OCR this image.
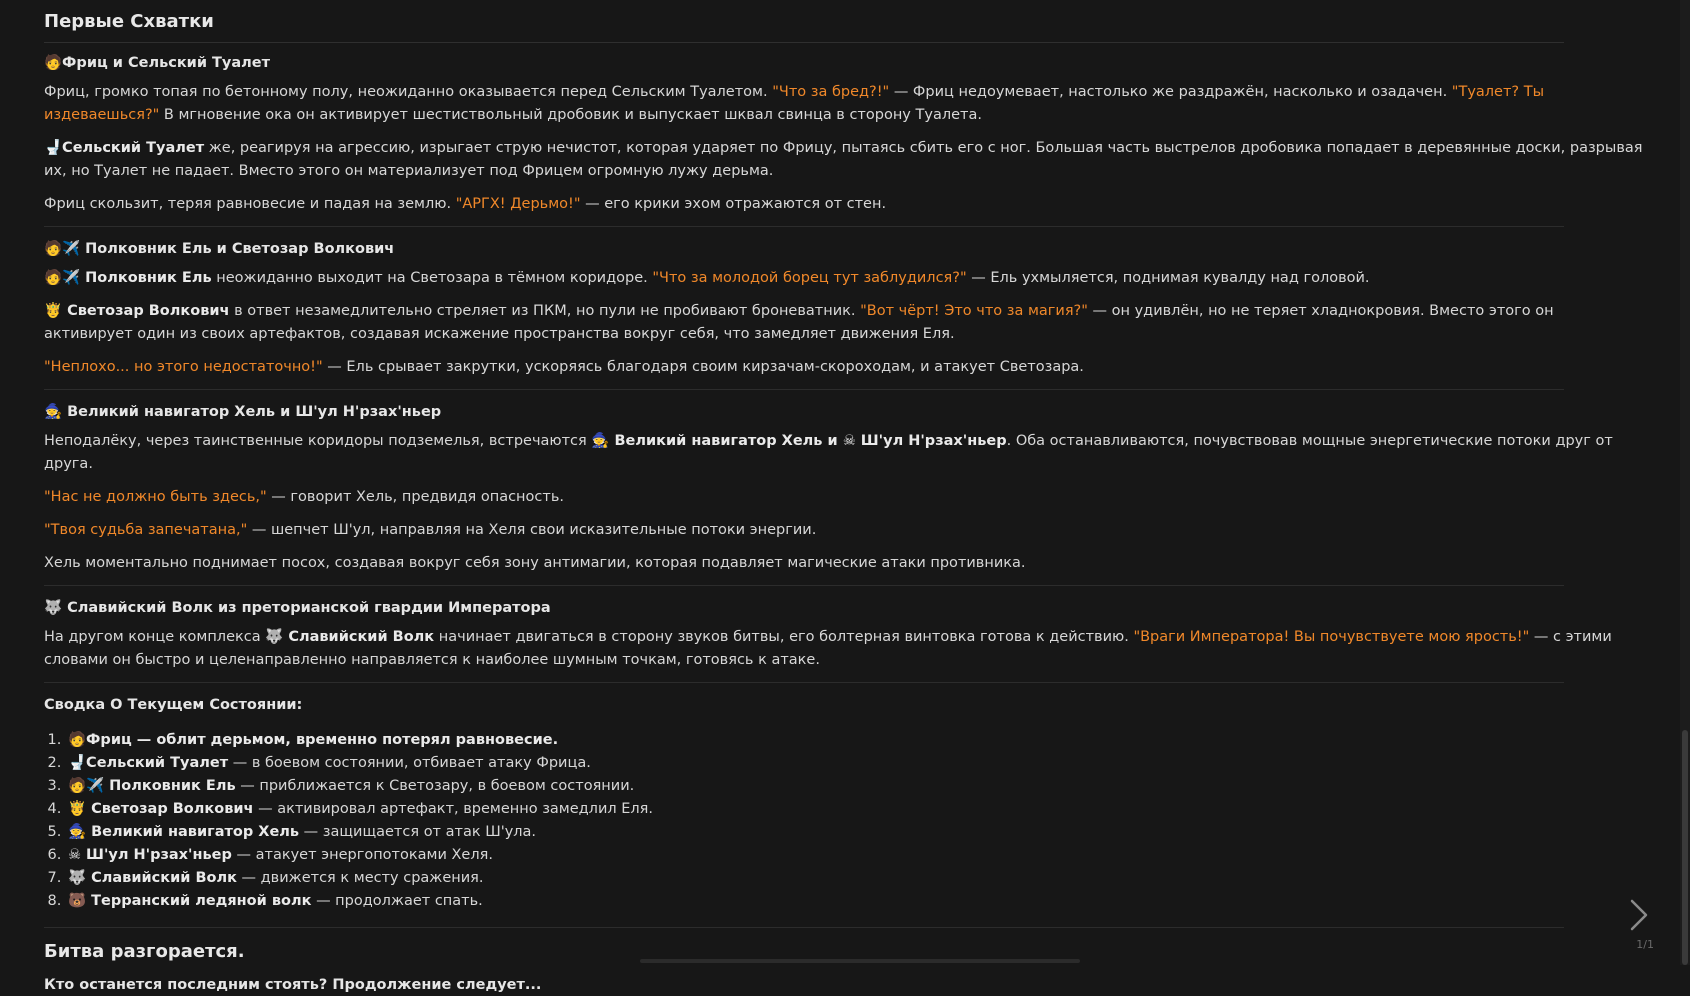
Первые Схватки
🧑Фриц и Сельский Туалет

Фриц, громко топая по бетонному полу, неожиданно оказывается перед Сельским Туалетом. "Что за бред?!" — Фриц недоумевает, настолько же раздражён, насколько и озадачен. "Туалет? Ты издеваешься?" В мгновение ока он активирует шестиствольный дробовик и выпускает шквал свинца в сторону Туалета.

🚽Сельский Туалет же, реагируя на агрессию, изрыгает струю нечистот, которая ударяет по Фрицу, пытаясь сбить его с ног. Большая часть выстрелов дробовика попадает в деревянные доски, разрывая их, но Туалет не падает. Вместо этого он материализует под Фрицем огромную лужу дерьма.

Фриц скользит, теряя равновесие и падая на землю. "АРГХ! Дерьмо!" — его крики эхом отражаются от стен.

🧑✈️ Полковник Ель и Светозар Волкович

🧑✈️ Полковник Ель неожиданно выходит на Светозара в тёмном коридоре. "Что за молодой борец тут заблудился?" — Ель ухмыляется, поднимая кувалду над головой.

🤴 Светозар Волкович в ответ незамедлительно стреляет из ПКМ, но пули не пробивают броневатник. "Вот чёрт! Это что за магия?" — он удивлён, но не теряет хладнокровия. Вместо этого он активирует один из своих артефактов, создавая искажение пространства вокруг себя, что замедляет движения Еля.

"Неплохо... но этого недостаточно!" — Ель срывает закрутки, ускоряясь благодаря своим кирзачам-скороходам, и атакует Светозара.

🧙 Великий навигатор Хель и Ш'ул Н'рзах'ньер

Неподалёку, через таинственные коридоры подземелья, встречаются 🧙 Великий навигатор Хель и ☠ Ш'ул Н'рзах'ньер. Оба останавливаются, почувствовав мощные энергетические потоки друг от друга.

"Нас не должно быть здесь," — говорит Хель, предвидя опасность.

"Твоя судьба запечатана," — шепчет Ш'ул, направляя на Хеля свои исказительные потоки энергии.

Хель моментально поднимает посох, создавая вокруг себя зону антимагии, которая подавляет магические атаки противника.

🐺 Славийский Волк из преторианской гвардии Императора

На другом конце комплекса 🐺 Славийский Волк начинает двигаться в сторону звуков битвы, его болтерная винтовка готова к действию. "Враги Императора! Вы почувствуете мою ярость!" — с этими словами он быстро и целенаправленно направляется к наиболее шумным точкам, готовясь к атаке.

Сводка О Текущем Состоянии:
1. 🧑Фриц — облит дерьмом, временно потерял равновесие.
2. 🚽Сельский Туалет — в боевом состоянии, отбивает атаку Фрица.
3. 🧑✈️ Полковник Ель — приближается к Светозару, в боевом состоянии.
4. 🤴 Светозар Волкович — активировал артефакт, временно замедлил Еля.
5. 🧙 Великий навигатор Хель — защищается от атак Ш'ула.
6. ☠ Ш'ул Н'рзах'ньер — атакует энергопотоками Хеля.
7. 🐺 Славийский Волк — движется к месту сражения.
8. 🐻 Терранский ледяной волк — продолжает спать.
Битва разгорается.
Кто останется последним стоять? Продолжение следует...
1/1
